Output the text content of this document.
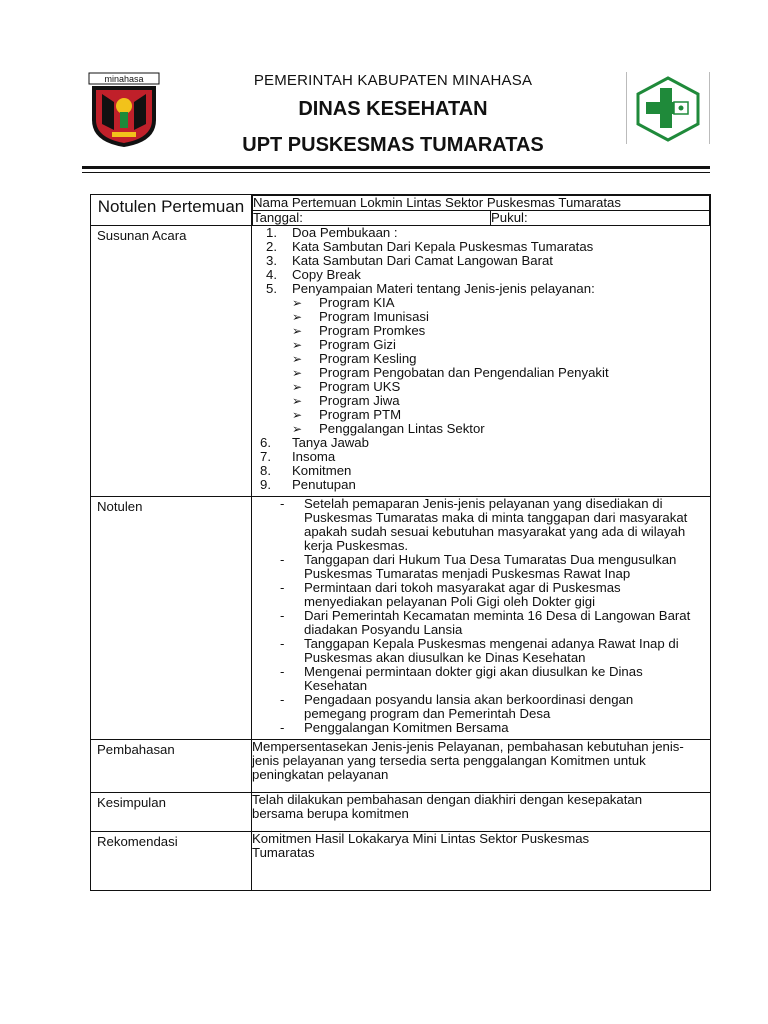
minahasa	PEMERINTAH KABUPATEN MINAHASA
DINAS KESEHATAN
UPT PUSKESMAS TUMARATAS
Notulen Pertemuan	Nama Pertemuan Lokmin Lintas Sektor Puskesmas Tumaratas
Tanggal:	Pukul:

Susunan Acara	1.	Doa Pembukaan :
2.	Kata Sambutan Dari Kepala Puskesmas Tumaratas
3.	Kata Sambutan Dari Camat Langowan Barat
4.	Copy Break
5.	Penyampaian Materi tentang Jenis-jenis pelayanan:
➢ Program KIA
➢ Program Imunisasi
➢ Program Promkes
➢ Program Gizi
➢ Program Kesling
➢ Program Pengobatan dan Pengendalian Penyakit
➢ Program UKS
➢ Program Jiwa
➢ Program PTM
➢ Penggalangan Lintas Sektor
6.	Tanya Jawab
7.	Insoma
8.	Komitmen
9.	Penutupan

Notulen	- Setelah pemaparan Jenis-jenis pelayanan yang disediakan di Puskesmas Tumaratas maka di minta tanggapan dari masyarakat apakah sudah sesuai kebutuhan masyarakat yang ada di wilayah kerja Puskesmas.
- Tanggapan dari Hukum Tua Desa Tumaratas Dua mengusulkan Puskesmas Tumaratas menjadi Puskesmas Rawat Inap
- Permintaan dari tokoh masyarakat agar di Puskesmas menyediakan pelayanan Poli Gigi oleh Dokter gigi
- Dari Pemerintah Kecamatan meminta 16 Desa di Langowan Barat diadakan Posyandu Lansia
- Tanggapan Kepala Puskesmas mengenai adanya Rawat Inap di Puskesmas akan diusulkan ke Dinas Kesehatan
- Mengenai permintaan dokter gigi akan diusulkan ke Dinas Kesehatan
- Pengadaan posyandu lansia akan berkoordinasi dengan pemegang program dan Pemerintah Desa
- Penggalangan Komitmen Bersama

Pembahasan	Mempersentasekan Jenis-jenis Pelayanan, pembahasan kebutuhan jenis-jenis pelayanan yang tersedia serta penggalangan Komitmen untuk peningkatan pelayanan
Kesimpulan	Telah dilakukan pembahasan dengan diakhiri dengan kesepakatan bersama berupa komitmen
Rekomendasi	Komitmen Hasil Lokakarya Mini Lintas Sektor Puskesmas Tumaratas
